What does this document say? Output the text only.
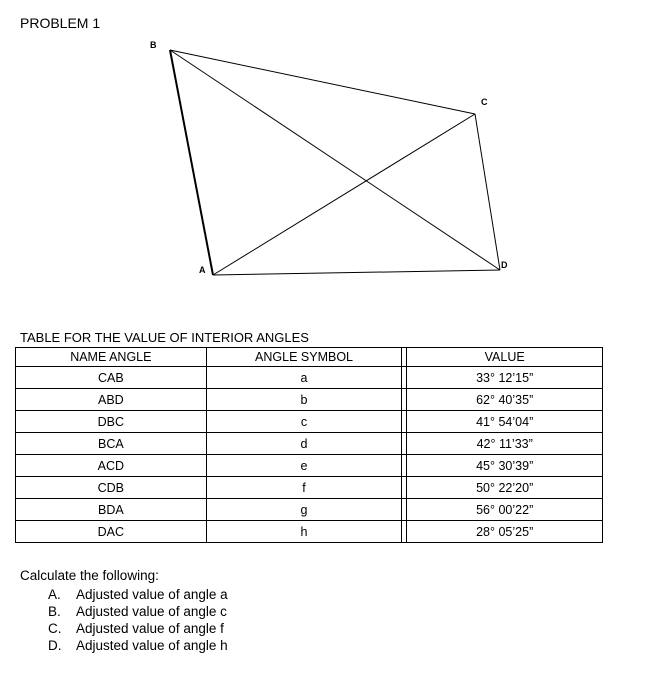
PROBLEM 1
B
C
A	D
TABLE FOR THE VALUE OF INTERIOR ANGLES
NAME ANGLE	ANGLE SYMBOL		VALUE
CAB	a		33° 12’15”
ABD	b		62° 40’35”
DBC	c		41° 54’04”
BCA	d		42° 11’33”
ACD	e		45° 30’39”
CDB	f		50° 22’20”
BDA	g		56° 00’22”
DAC	h		28° 05’25”
Calculate the following:
A. Adjusted value of angle a
B. Adjusted value of angle c
C. Adjusted value of angle f
D. Adjusted value of angle h
